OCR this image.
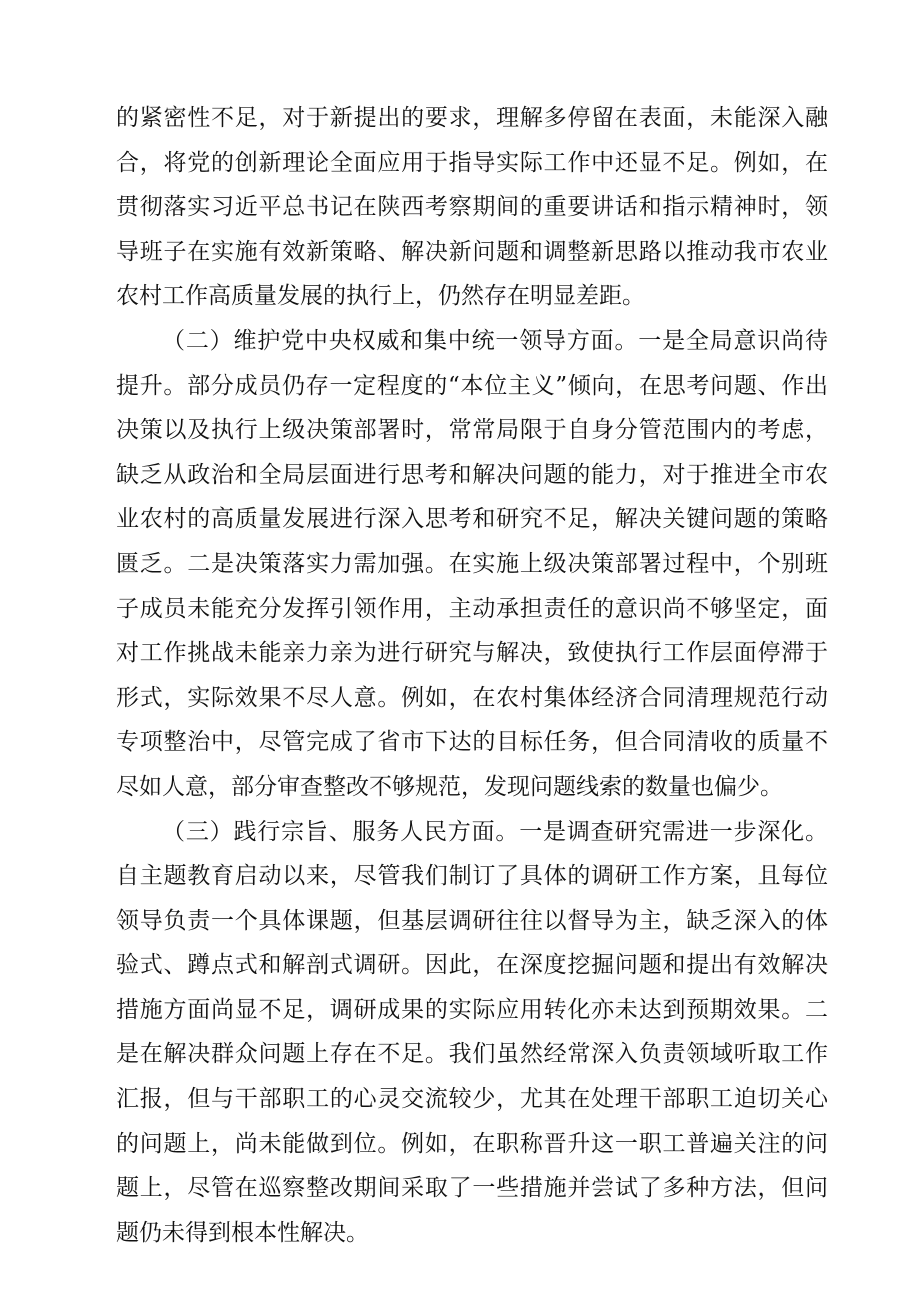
的紧密性不足，对于新提出的要求，理解多停留在表面，未能深入融合，将党的创新理论全面应用于指导实际工作中还显不足。例如，在贯彻落实习近平总书记在陕西考察期间的重要讲话和指示精神时，领导班子在实施有效新策略、解决新问题和调整新思路以推动我市农业农村工作高质量发展的执行上，仍然存在明显差距。

（二）维护党中央权威和集中统一领导方面。一是全局意识尚待提升。部分成员仍存一定程度的“本位主义”倾向，在思考问题、作出决策以及执行上级决策部署时，常常局限于自身分管范围内的考虑，缺乏从政治和全局层面进行思考和解决问题的能力，对于推进全市农业农村的高质量发展进行深入思考和研究不足，解决关键问题的策略匮乏。二是决策落实力需加强。在实施上级决策部署过程中，个别班子成员未能充分发挥引领作用，主动承担责任的意识尚不够坚定，面对工作挑战未能亲力亲为进行研究与解决，致使执行工作层面停滞于形式，实际效果不尽人意。例如，在农村集体经济合同清理规范行动专项整治中，尽管完成了省市下达的目标任务，但合同清收的质量不尽如人意，部分审查整改不够规范，发现问题线索的数量也偏少。

（三）践行宗旨、服务人民方面。一是调查研究需进一步深化。自主题教育启动以来，尽管我们制订了具体的调研工作方案，且每位领导负责一个具体课题，但基层调研往往以督导为主，缺乏深入的体验式、蹲点式和解剖式调研。因此，在深度挖掘问题和提出有效解决措施方面尚显不足，调研成果的实际应用转化亦未达到预期效果。二是在解决群众问题上存在不足。我们虽然经常深入负责领域听取工作汇报，但与干部职工的心灵交流较少，尤其在处理干部职工迫切关心的问题上，尚未能做到位。例如，在职称晋升这一职工普遍关注的问题上，尽管在巡察整改期间采取了一些措施并尝试了多种方法，但问题仍未得到根本性解决。
